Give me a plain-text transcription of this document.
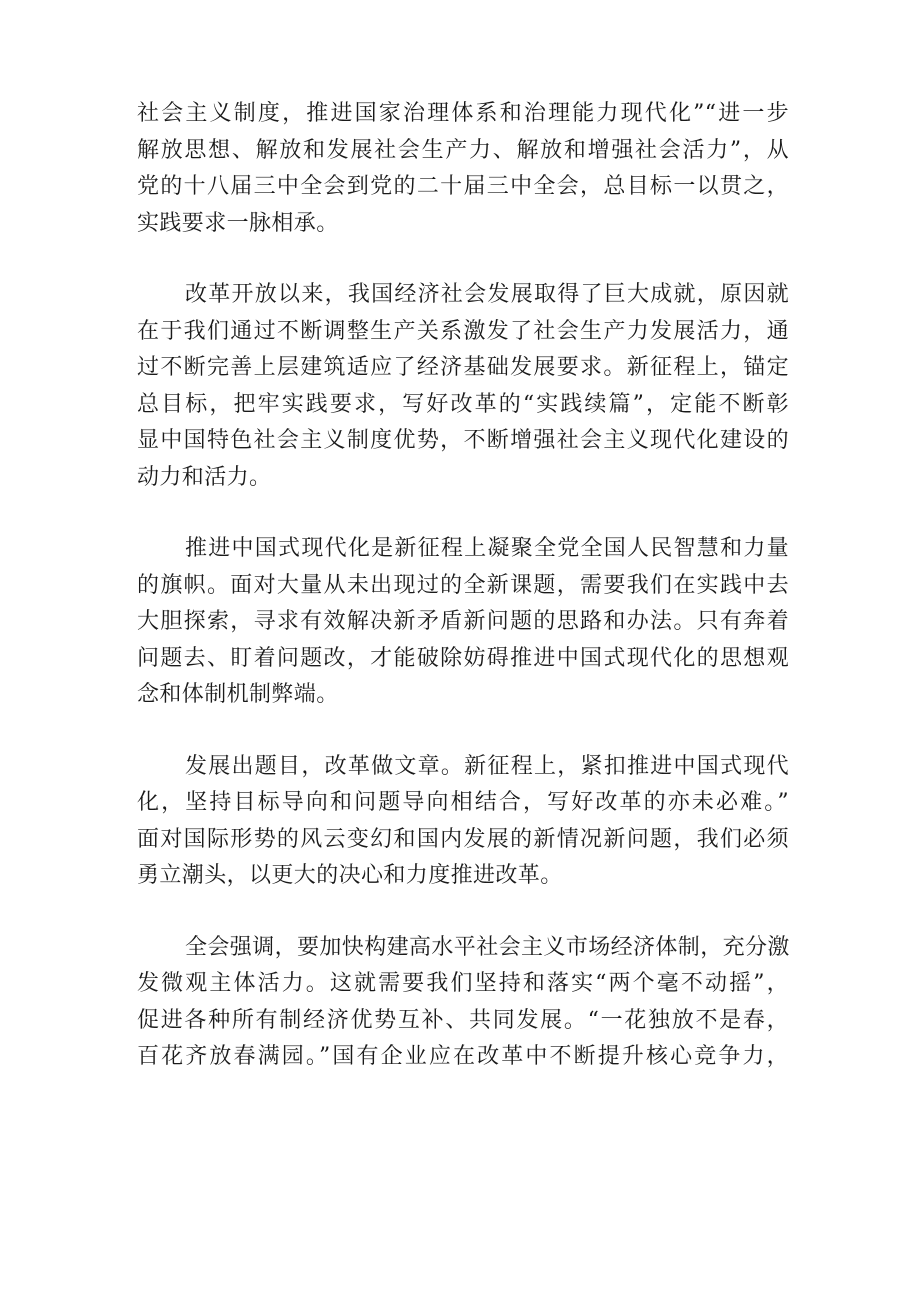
社会主义制度，推进国家治理体系和治理能力现代化”“进一步
解放思想、解放和发展社会生产力、解放和增强社会活力”，从
党的十八届三中全会到党的二十届三中全会，总目标一以贯之，
实践要求一脉相承。

改革开放以来，我国经济社会发展取得了巨大成就，原因就
在于我们通过不断调整生产关系激发了社会生产力发展活力，通
过不断完善上层建筑适应了经济基础发展要求。新征程上，锚定
总目标，把牢实践要求，写好改革的“实践续篇”，定能不断彰
显中国特色社会主义制度优势，不断增强社会主义现代化建设的
动力和活力。

推进中国式现代化是新征程上凝聚全党全国人民智慧和力量
的旗帜。面对大量从未出现过的全新课题，需要我们在实践中去
大胆探索，寻求有效解决新矛盾新问题的思路和办法。只有奔着
问题去、盯着问题改，才能破除妨碍推进中国式现代化的思想观
念和体制机制弊端。

发展出题目，改革做文章。新征程上，紧扣推进中国式现代
化，坚持目标导向和问题导向相结合，写好改革的亦未必难。”
面对国际形势的风云变幻和国内发展的新情况新问题，我们必须
勇立潮头，以更大的决心和力度推进改革。

全会强调，要加快构建高水平社会主义市场经济体制，充分激
发微观主体活力。这就需要我们坚持和落实“两个毫不动摇”，
促进各种所有制经济优势互补、共同发展。“一花独放不是春，
百花齐放春满园。”国有企业应在改革中不断提升核心竞争力，
